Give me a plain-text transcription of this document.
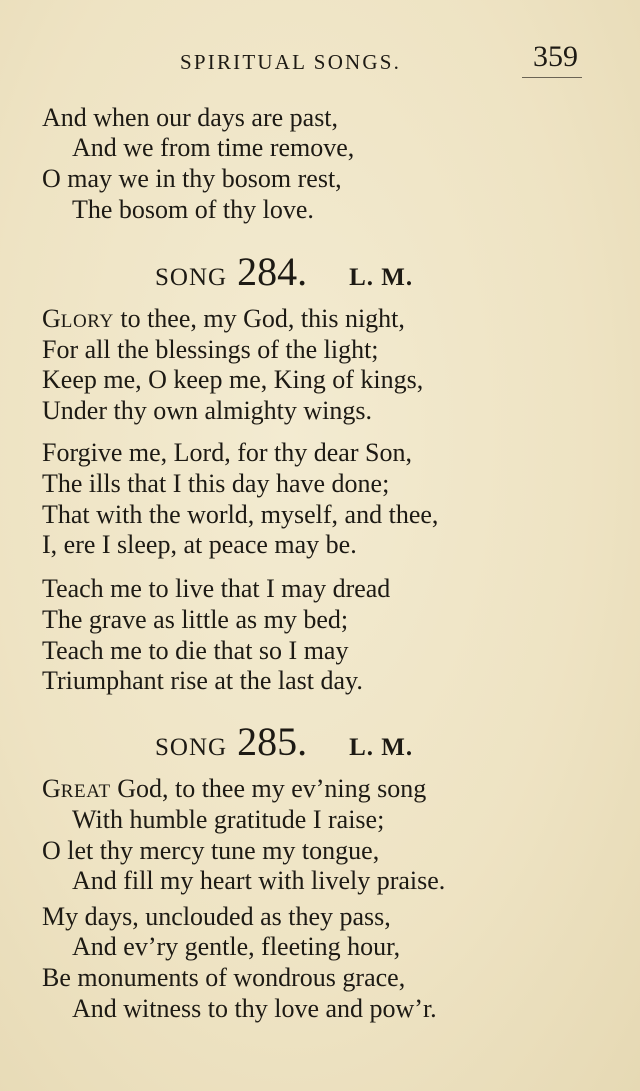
SPIRITUAL SONGS.	359
And when our days are past,
And we from time remove,
O may we in thy bosom rest,
The bosom of thy love.
SONG 284. L. M.
GLORY to thee, my God, this night,
For all the blessings of the light;
Keep me, O keep me, King of kings,
Under thy own almighty wings.
Forgive me, Lord, for thy dear Son,
The ills that I this day have done;
That with the world, myself, and thee,
I, ere I sleep, at peace may be.
Teach me to live that I may dread
The grave as little as my bed;
Teach me to die that so I may
Triumphant rise at the last day.
SONG 285. L. M.
GREAT God, to thee my ev’ning song
With humble gratitude I raise;
O let thy mercy tune my tongue,
And fill my heart with lively praise.
My days, unclouded as they pass,
And ev’ry gentle, fleeting hour,
Be monuments of wondrous grace,
And witness to thy love and pow’r.
